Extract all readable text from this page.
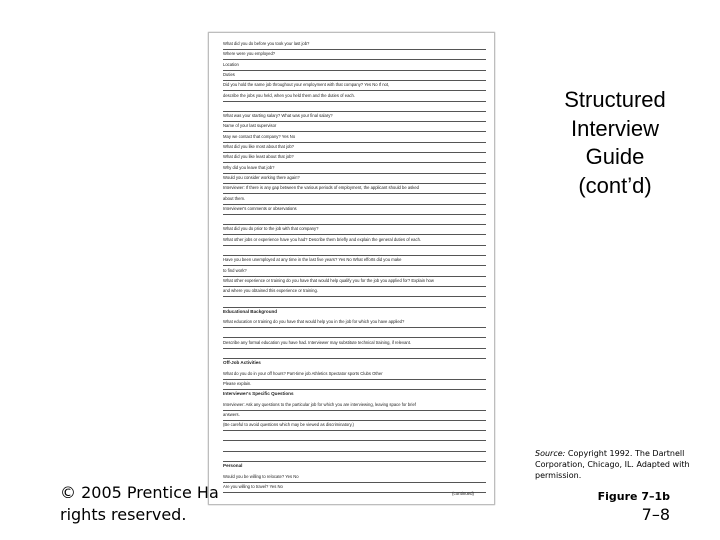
What did you do before you took your last job?
Where were you employed?
Location
Duties
Did you hold the same job throughout your employment with that company? Yes No If not,
describe the jobs you held, when you held them and the duties of each.
What was your starting salary? What was your final salary?
Name of your last supervisor
May we contact that company? Yes No
What did you like most about that job?
What did you like least about that job?
Why did you leave that job?
Would you consider working there again?
Interviewer: If there is any gap between the various periods of employment, the applicant should be asked
about them.
Interviewer's comments or observations
What did you do prior to the job with that company?
What other jobs or experience have you had? Describe them briefly and explain the general duties of each.
Have you been unemployed at any time in the last five years? Yes No What efforts did you make
to find work?
What other experience or training do you have that would help qualify you for the job you applied for? Explain how
and where you obtained this experience or training.
Educational Background
What education or training do you have that would help you in the job for which you have applied?
Describe any formal education you have had. Interviewer may substitute technical training, if relevant.
Off-Job Activities
What do you do in your off hours? Part-time job Athletics Spectator sports Clubs Other
Please explain.
Interviewer's Specific Questions
Interviewer: Ask any questions to the particular job for which you are interviewing, leaving space for brief
answers.
(Be careful to avoid questions which may be viewed as discriminatory.)
Personal
Would you be willing to relocate? Yes No
Are you willing to travel? Yes No
(continued)
© 2005 Prentice Ha
rights reserved.
Structured
Interview
Guide
(cont’d)
Source: Copyright 1992. The Dartnell Corporation, Chicago, IL. Adapted with permission.
Figure 7–1b
7–8
